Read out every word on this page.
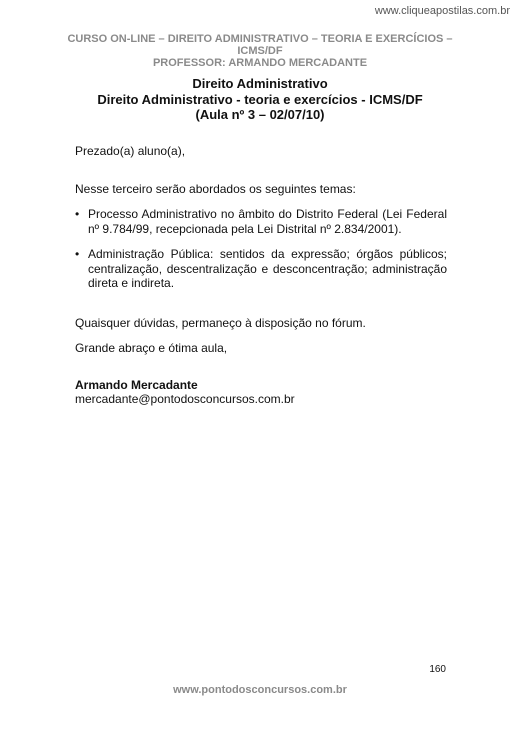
www.cliqueapostilas.com.br
CURSO ON-LINE – DIREITO ADMINISTRATIVO – TEORIA E EXERCÍCIOS –
ICMS/DF
PROFESSOR: ARMANDO MERCADANTE
Direito Administrativo
Direito Administrativo - teoria e exercícios - ICMS/DF
(Aula nº 3 – 02/07/10)
Prezado(a) aluno(a),
Nesse terceiro serão abordados os seguintes temas:
• Processo Administrativo no âmbito do Distrito Federal (Lei Federal nº 9.784/99, recepcionada pela Lei Distrital nº 2.834/2001).
• Administração Pública: sentidos da expressão; órgãos públicos; centralização, descentralização e desconcentração; administração direta e indireta.
Quaisquer dúvidas, permaneço à disposição no fórum.
Grande abraço e ótima aula,
Armando Mercadante
mercadante@pontodosconcursos.com.br
160
www.pontodosconcursos.com.br
